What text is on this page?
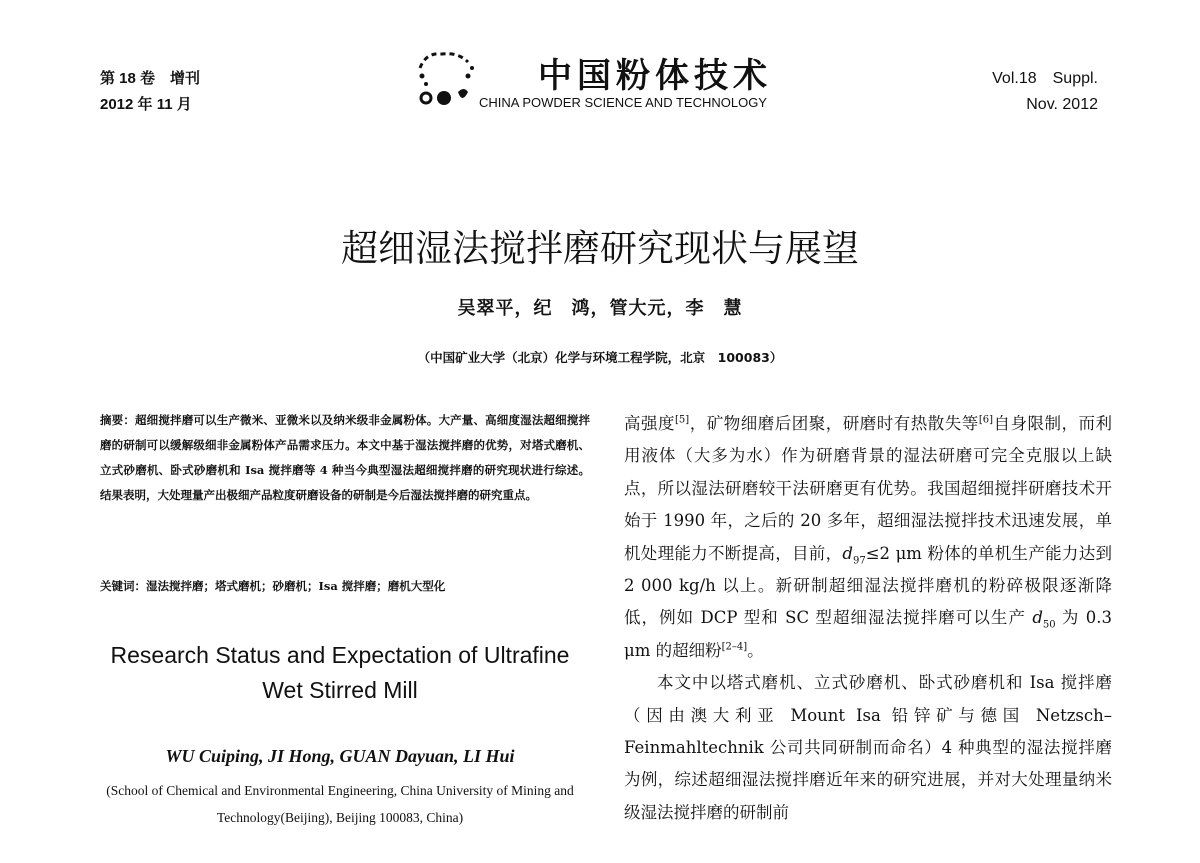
第 18 卷　增刊
2012 年 11 月
中国粉体技术
CHINA POWDER SCIENCE AND TECHNOLOGY
Vol.18　Suppl.
Nov. 2012
超细湿法搅拌磨研究现状与展望
吴翠平，纪　鸿，管大元，李　慧
（中国矿业大学（北京）化学与环境工程学院，北京　100083）
摘要：超细搅拌磨可以生产微米、亚微米以及纳米级非金属粉体。大产量、高细度湿法超细搅拌磨的研制可以缓解级细非金属粉体产品需求压力。本文中基于湿法搅拌磨的优势，对塔式磨机、立式砂磨机、卧式砂磨机和 Isa 搅拌磨等 4 种当今典型湿法超细搅拌磨的研究现状进行综述。结果表明，大处理量产出极细产品粒度研磨设备的研制是今后湿法搅拌磨的研究重点。
关键词：湿法搅拌磨；塔式磨机；砂磨机；Isa 搅拌磨；磨机大型化
Research Status and Expectation of Ultrafine Wet Stirred Mill
WU Cuiping, JI Hong, GUAN Dayuan, LI Hui
(School of Chemical and Environmental Engineering, China University of Mining and Technology(Beijing), Beijing 100083, China)

高强度[5]，矿物细磨后团聚，研磨时有热散失等[6]自身限制，而利用液体（大多为水）作为研磨背景的湿法研磨可完全克服以上缺点，所以湿法研磨较干法研磨更有优势。我国超细搅拌研磨技术开始于 1990 年，之后的 20 多年，超细湿法搅拌技术迅速发展，单机处理能力不断提高，目前，$d_{97}\le 2$ μm 粉体的单机生产能力达到 2 000 kg/h 以上。新研制超细湿法搅拌磨机的粉碎极限逐渐降低，例如 DCP 型和 SC 型超细湿法搅拌磨可以生产 $d_{50}$ 为 0.3 μm 的超细粉[2–4]。

本文中以塔式磨机、立式砂磨机、卧式砂磨机和 Isa 搅拌磨（因由澳大利亚 Mount Isa 铅锌矿与德国 Netzsch–Feinmahltechnik 公司共同研制而命名）4 种典型的湿法搅拌磨为例，综述超细湿法搅拌磨近年来的研究进展，并对大处理量纳米级湿法搅拌磨的研制前
